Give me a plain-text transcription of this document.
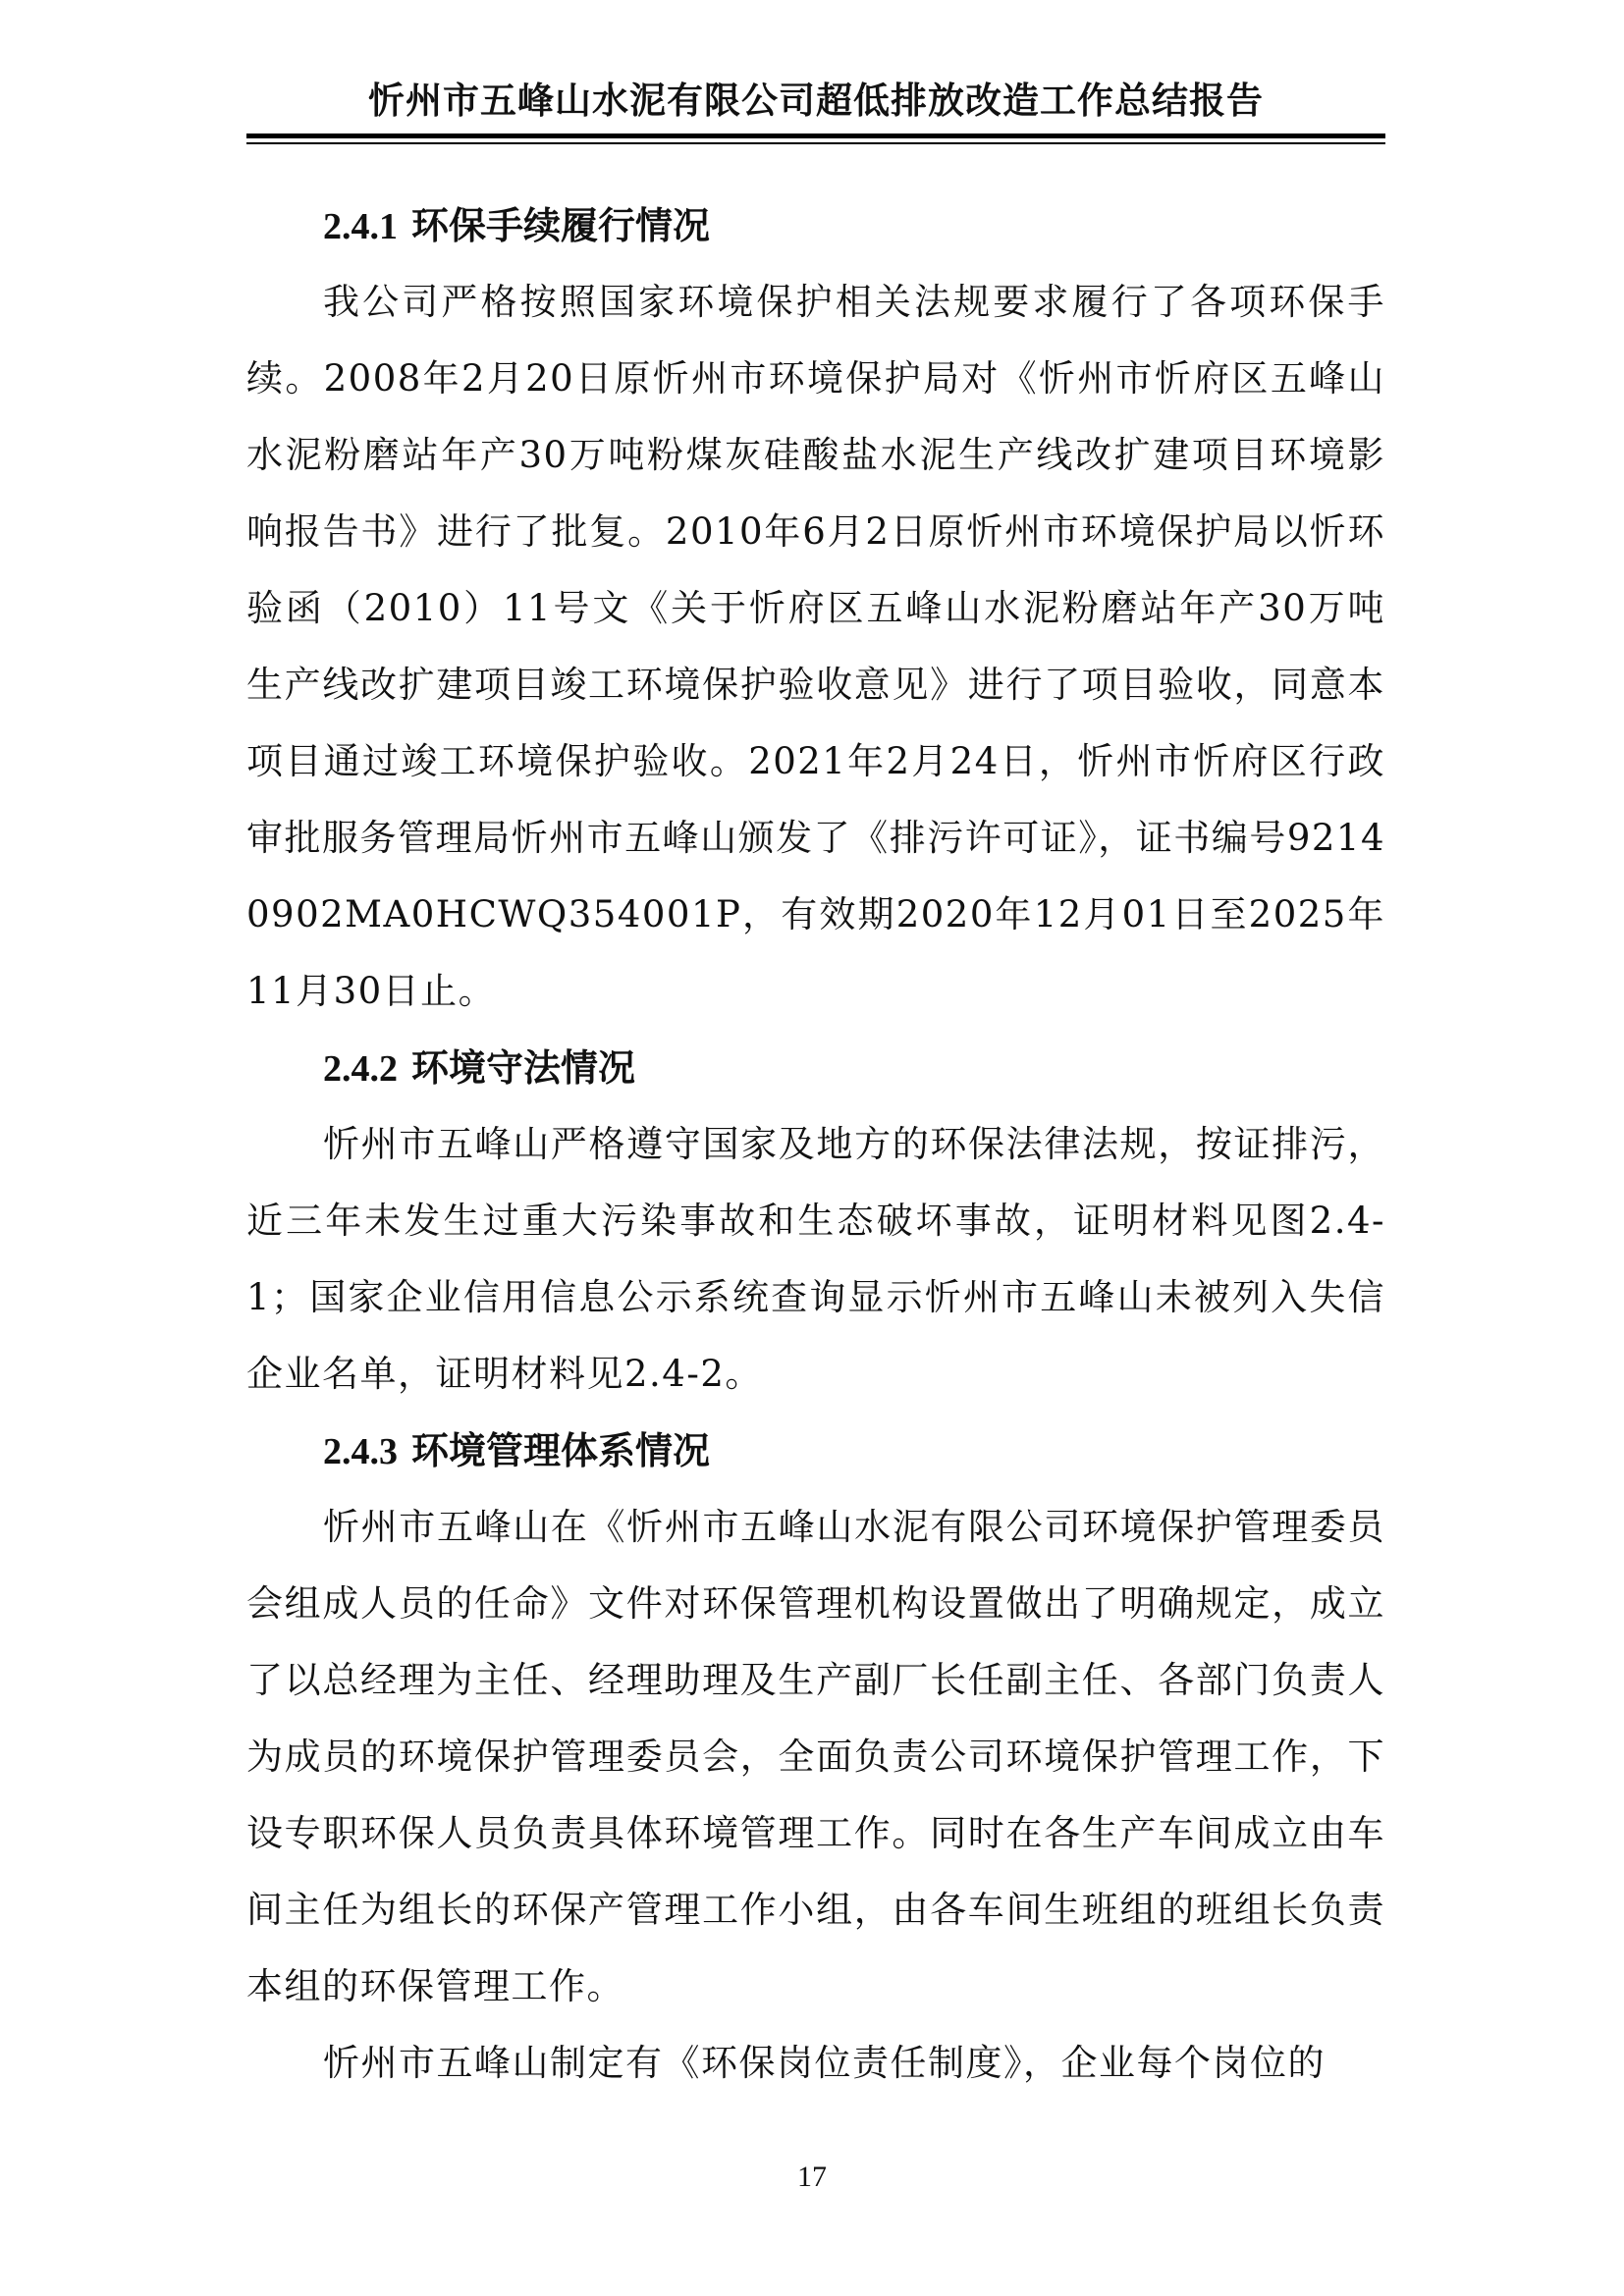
忻州市五峰山水泥有限公司超低排放改造工作总结报告
2.4.1 环保手续履行情况

我公司严格按照国家环境保护相关法规要求履行了各项环保手续。2008年2月20日原忻州市环境保护局对《忻州市忻府区五峰山水泥粉磨站年产30万吨粉煤灰硅酸盐水泥生产线改扩建项目环境影响报告书》进行了批复。2010年6月2日原忻州市环境保护局以忻环验函（2010）11号文《关于忻府区五峰山水泥粉磨站年产30万吨生产线改扩建项目竣工环境保护验收意见》进行了项目验收，同意本项目通过竣工环境保护验收。2021年2月24日，忻州市忻府区行政审批服务管理局忻州市五峰山颁发了《排污许可证》，证书编号92140902MA0HCWQ354001P，有效期2020年12月01日至2025年11月30日止。

2.4.2 环境守法情况

忻州市五峰山严格遵守国家及地方的环保法律法规，按证排污，近三年未发生过重大污染事故和生态破坏事故，证明材料见图2.4-1；国家企业信用信息公示系统查询显示忻州市五峰山未被列入失信企业名单，证明材料见2.4-2。

2.4.3 环境管理体系情况

忻州市五峰山在《忻州市五峰山水泥有限公司环境保护管理委员会组成人员的任命》文件对环保管理机构设置做出了明确规定，成立了以总经理为主任、经理助理及生产副厂长任副主任、各部门负责人为成员的环境保护管理委员会，全面负责公司环境保护管理工作，下设专职环保人员负责具体环境管理工作。同时在各生产车间成立由车间主任为组长的环保产管理工作小组，由各车间生班组的班组长负责本组的环保管理工作。

忻州市五峰山制定有《环保岗位责任制度》，企业每个岗位的

17
